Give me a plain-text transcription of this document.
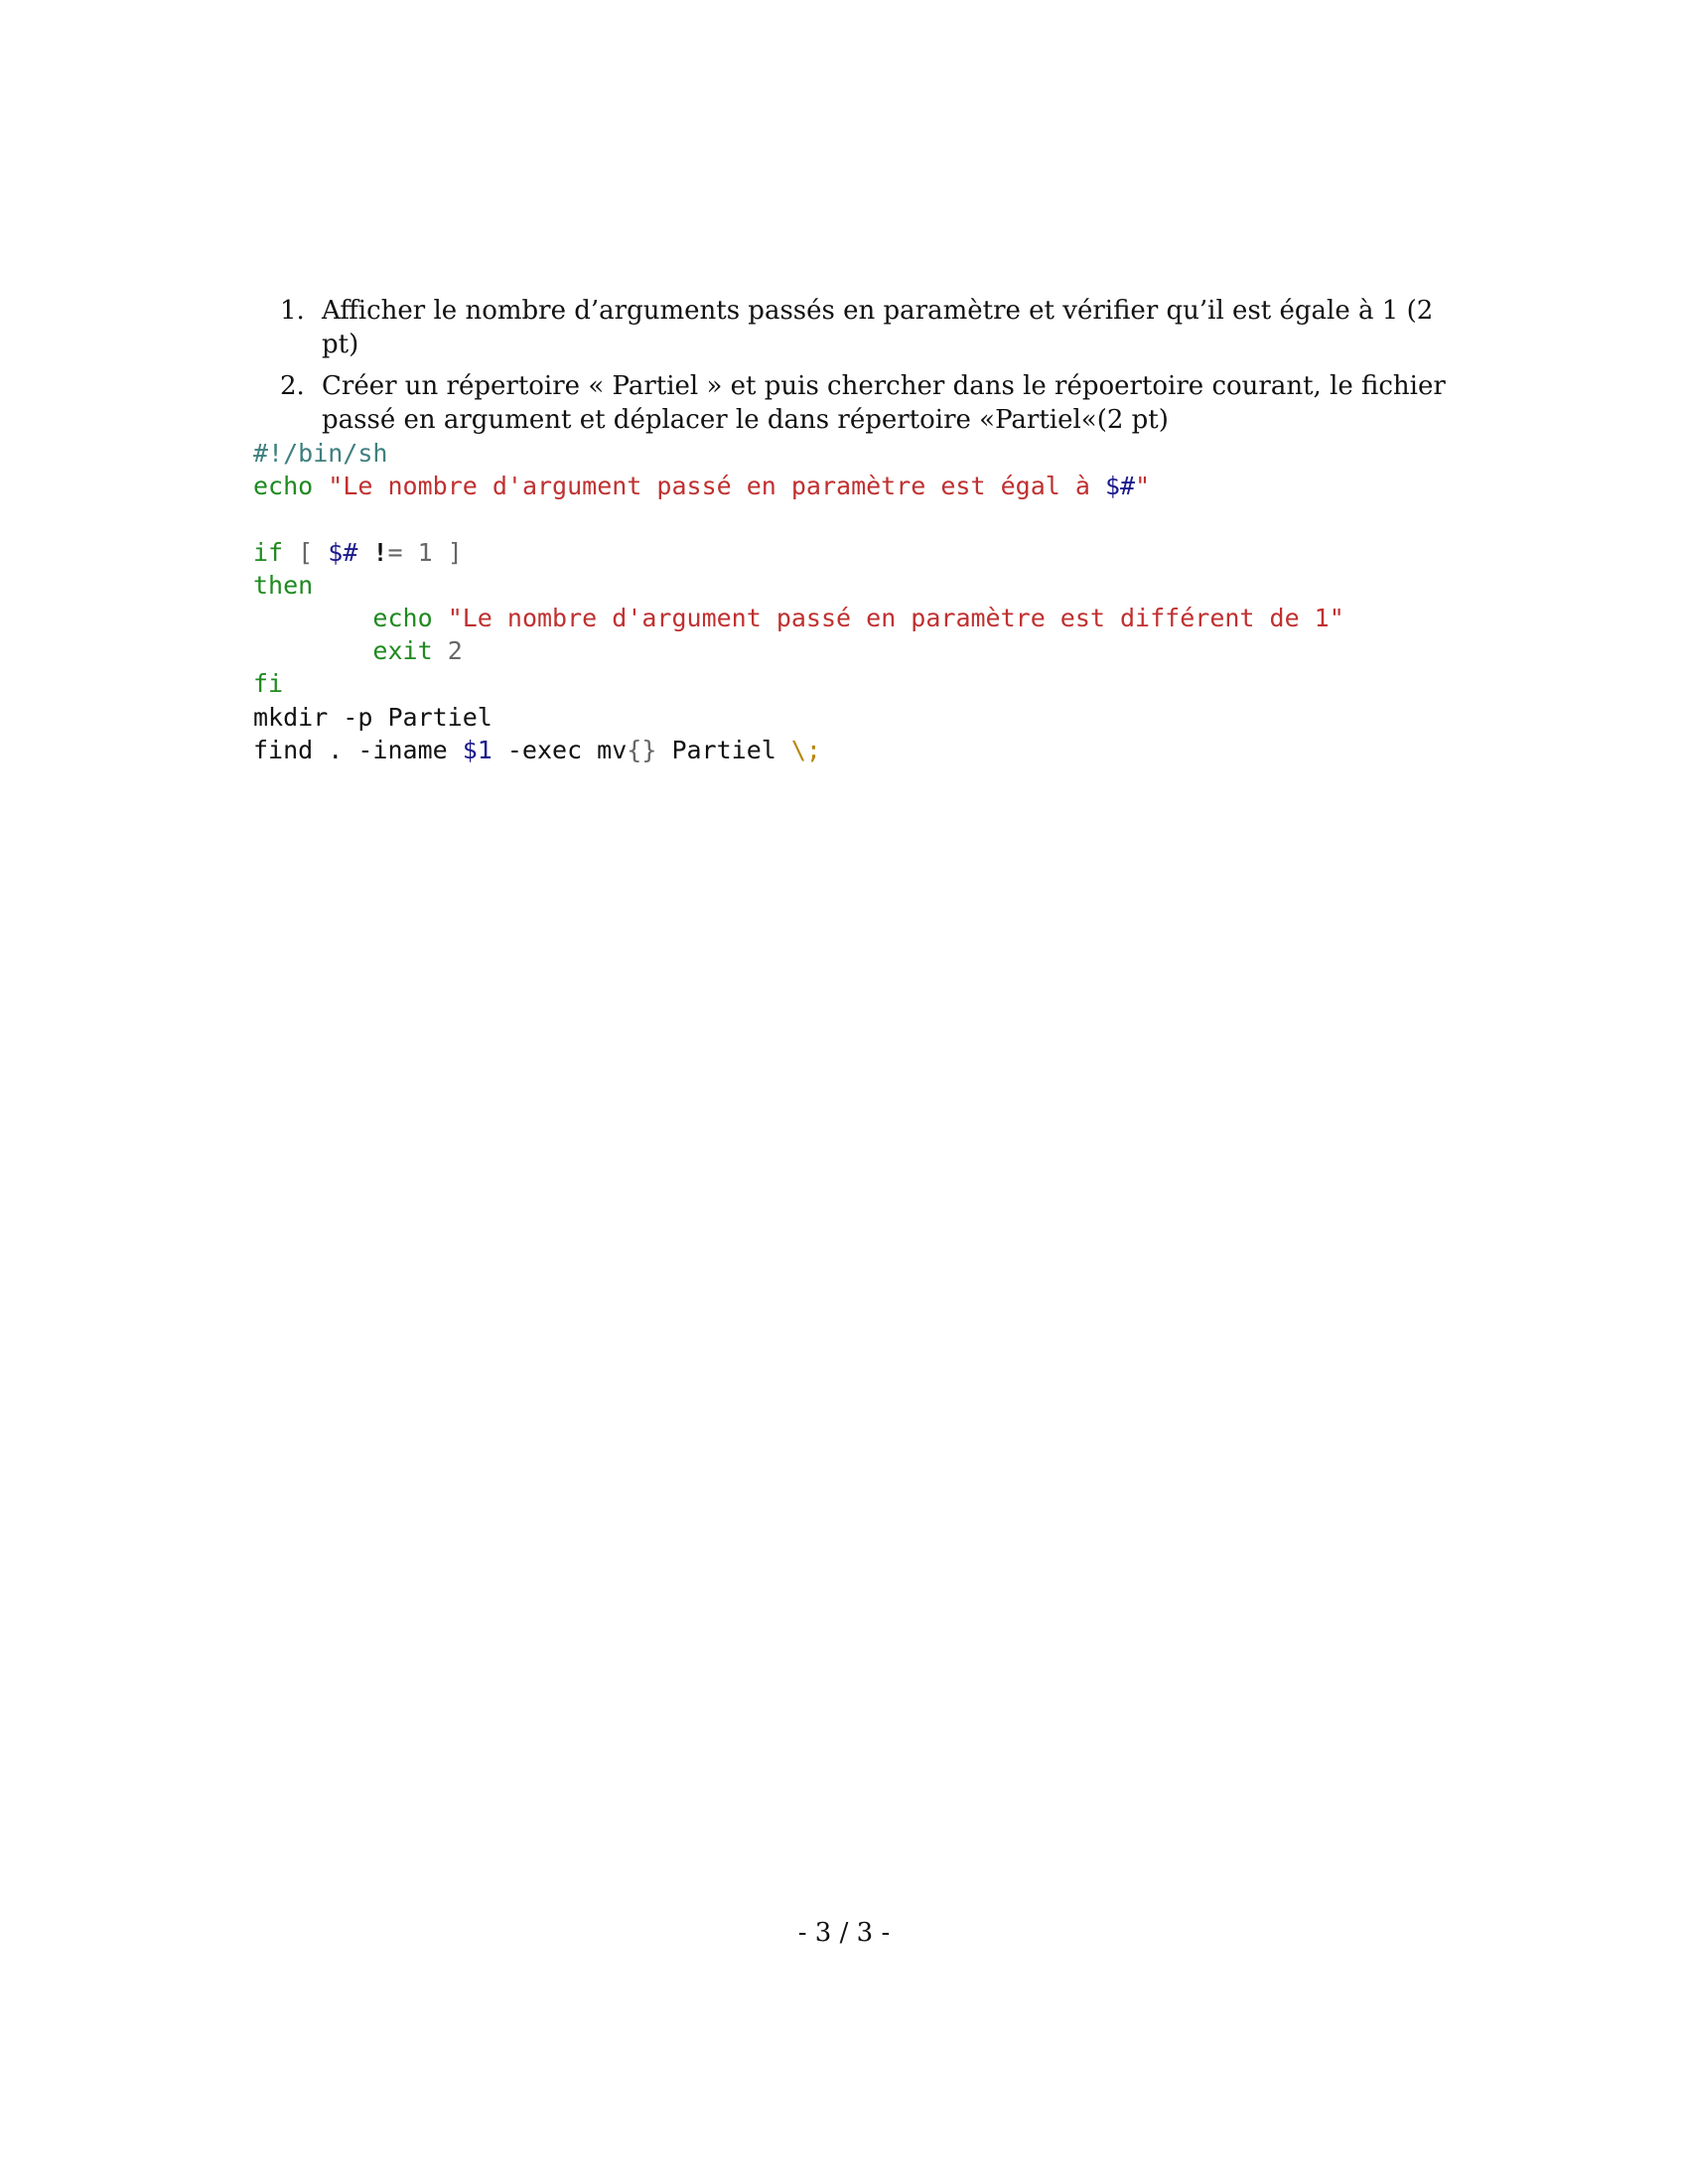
1. Afficher le nombre d’arguments passés en paramètre et vérifier qu’il est égale à 1 (2 pt)
2. Créer un répertoire « Partiel » et puis chercher dans le répoertoire courant, le fichier passé en argument et déplacer le dans répertoire «Partiel«(2 pt)
#!/bin/sh
echo "Le nombre d'argument passé en paramètre est égal à $#"
if [ $# != 1 ]
then
echo "Le nombre d'argument passé en paramètre est différent de 1"
exit 2
fi
mkdir -p Partiel
find . -iname $1 -exec mv{} Partiel \;
- 3 / 3 -
